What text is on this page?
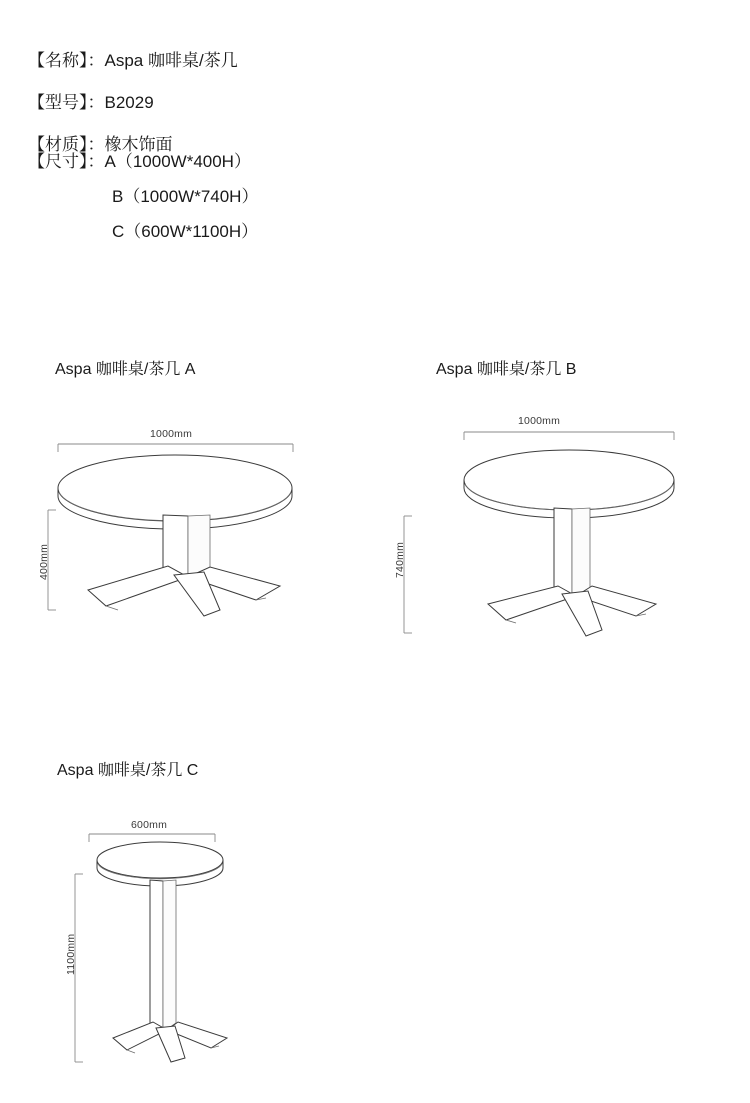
【名称】：Aspa 咖啡桌/茶几
【型号】：B2029
【材质】：橡木饰面
【尺寸】：A（1000W*400H）
B（1000W*740H）
C（600W*1100H）
Aspa 咖啡桌/茶几 A
1000mm
400mm
Aspa 咖啡桌/茶几 B
1000mm
740mm
Aspa 咖啡桌/茶几 C
600mm
1100mm
